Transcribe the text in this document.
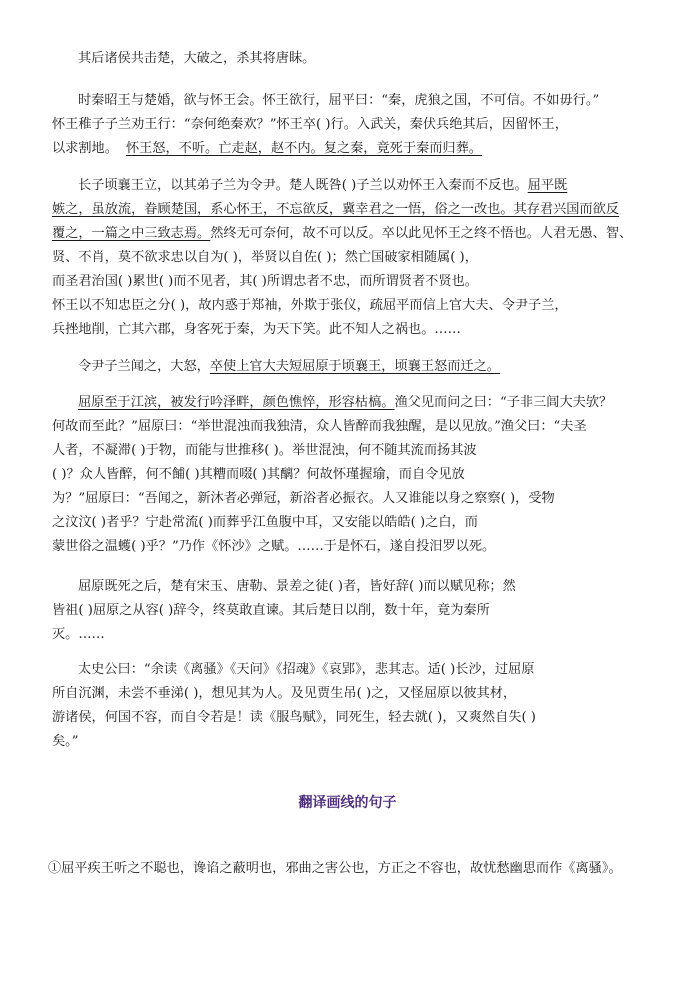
其后诸侯共击楚，大破之，杀其将唐眜。
时秦昭王与楚婚，欲与怀王会。怀王欲行，屈平曰：“秦，虎狼之国，不可信。不如毋行。”
怀王稚子子兰劝王行：“奈何绝秦欢？”怀王卒( )行。入武关，秦伏兵绝其后，因留怀王，
以求割地。 怀王怒，不听。亡走赵，赵不内。复之秦，竟死于秦而归葬。
长子顷襄王立，以其弟子兰为令尹。楚人既咎( )子兰以劝怀王入秦而不反也。屈平既
嫉之，虽放流，眷顾楚国，系心怀王，不忘欲反，冀幸君之一悟，俗之一改也。其存君兴国而欲反
覆之，一篇之中三致志焉。然终无可奈何，故不可以反。卒以此见怀王之终不悟也。人君无愚、智、
贤、不肖，莫不欲求忠以自为( )，举贤以自佐( )；然亡国破家相随属( )，
而圣君治国( )累世( )而不见者，其( )所谓忠者不忠，而所谓贤者不贤也。
怀王以不知忠臣之分( )，故内惑于郑袖，外欺于张仪，疏屈平而信上官大夫、令尹子兰，
兵挫地削，亡其六郡，身客死于秦，为天下笑。此不知人之祸也。……
令尹子兰闻之，大怒，卒使上官大夫短屈原于顷襄王，顷襄王怒而迁之。
屈原至于江滨，被发行吟泽畔，颜色憔悴，形容枯槁。渔父见而问之曰：“子非三闾大夫欤？
何故而至此？”屈原曰：“举世混浊而我独清，众人皆醉而我独醒，是以见放。”渔父曰：“夫圣
人者，不凝滞( )于物，而能与世推移( )。举世混浊，何不随其流而扬其波
( )？众人皆醉，何不餔( )其糟而啜( )其醨？何故怀瑾握瑜，而自令见放
为？”屈原曰：“吾闻之，新沐者必弹冠，新浴者必振衣。人又谁能以身之察察( )，受物
之汶汶( )者乎？宁赴常流( )而葬乎江鱼腹中耳，又安能以皓皓( )之白，而
蒙世俗之温蠖( )乎？”乃作《怀沙》之赋。……于是怀石，遂自投汨罗以死。
屈原既死之后，楚有宋玉、唐勒、景差之徒( )者，皆好辞( )而以赋见称；然
皆祖( )屈原之从容( )辞令，终莫敢直谏。其后楚日以削，数十年，竟为秦所
灭。……
太史公曰：“余读《离骚》《天问》《招魂》《哀郢》，悲其志。适( )长沙，过屈原
所自沉渊，未尝不垂涕( )，想见其为人。及见贾生吊( )之，又怪屈原以彼其材，
游诸侯，何国不容，而自令若是！读《服鸟赋》，同死生，轻去就( )，又爽然自失( )
矣。”
翻译画线的句子
①屈平疾王听之不聪也，谗谄之蔽明也，邪曲之害公也，方正之不容也，故忧愁幽思而作《离骚》。
